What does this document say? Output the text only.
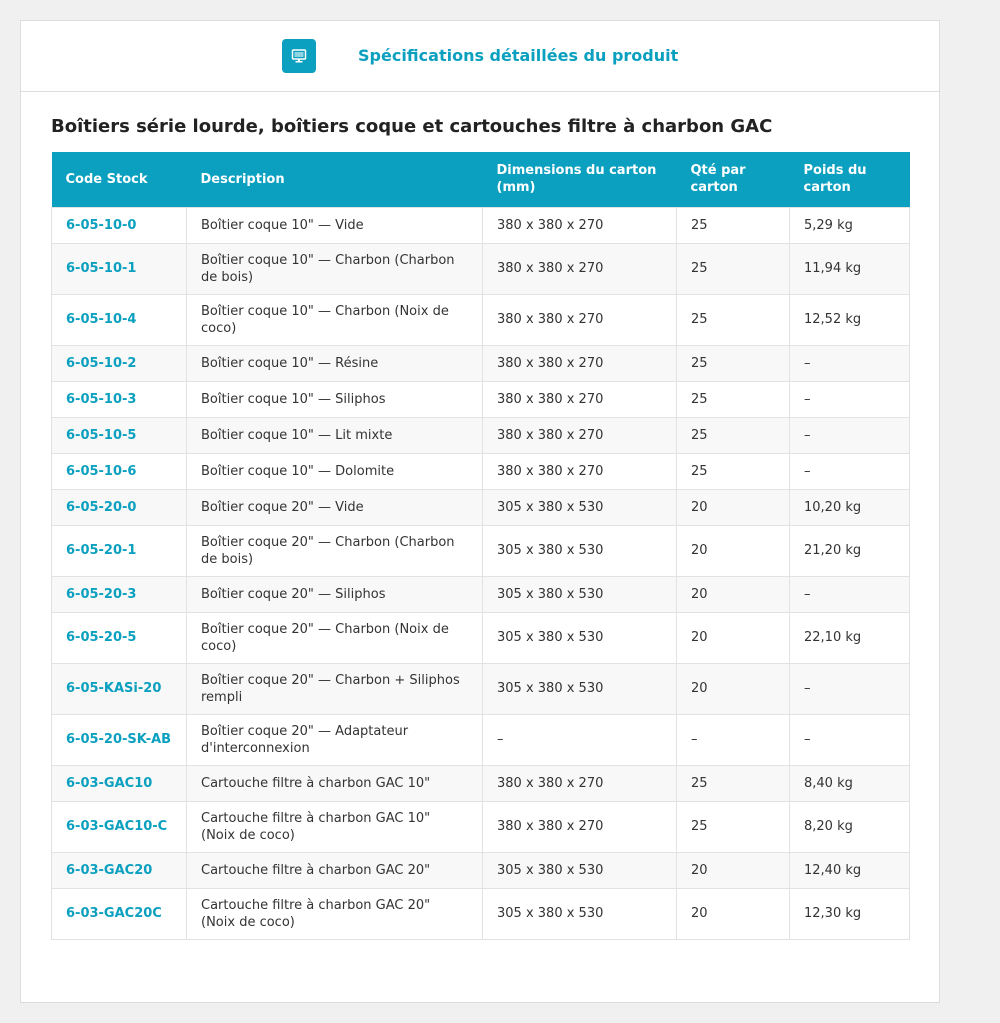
Spécifications détaillées du produit
Boîtiers série lourde, boîtiers coque et cartouches filtre à charbon GAC
Code Stock	Description	Dimensions du carton (mm)	Qté par carton	Poids du carton
6-05-10-0	Boîtier coque 10" — Vide	380 x 380 x 270	25	5,29 kg
6-05-10-1	Boîtier coque 10" — Charbon (Charbon de bois)	380 x 380 x 270	25	11,94 kg
6-05-10-4	Boîtier coque 10" — Charbon (Noix de coco)	380 x 380 x 270	25	12,52 kg
6-05-10-2	Boîtier coque 10" — Résine	380 x 380 x 270	25	–
6-05-10-3	Boîtier coque 10" — Siliphos	380 x 380 x 270	25	–
6-05-10-5	Boîtier coque 10" — Lit mixte	380 x 380 x 270	25	–
6-05-10-6	Boîtier coque 10" — Dolomite	380 x 380 x 270	25	–
6-05-20-0	Boîtier coque 20" — Vide	305 x 380 x 530	20	10,20 kg
6-05-20-1	Boîtier coque 20" — Charbon (Charbon de bois)	305 x 380 x 530	20	21,20 kg
6-05-20-3	Boîtier coque 20" — Siliphos	305 x 380 x 530	20	–
6-05-20-5	Boîtier coque 20" — Charbon (Noix de coco)	305 x 380 x 530	20	22,10 kg
6-05-KASi-20	Boîtier coque 20" — Charbon + Siliphos rempli	305 x 380 x 530	20	–
6-05-20-SK-AB	Boîtier coque 20" — Adaptateur d'interconnexion	–	–	–
6-03-GAC10	Cartouche filtre à charbon GAC 10"	380 x 380 x 270	25	8,40 kg
6-03-GAC10-C	Cartouche filtre à charbon GAC 10" (Noix de coco)	380 x 380 x 270	25	8,20 kg
6-03-GAC20	Cartouche filtre à charbon GAC 20"	305 x 380 x 530	20	12,40 kg
6-03-GAC20C	Cartouche filtre à charbon GAC 20" (Noix de coco)	305 x 380 x 530	20	12,30 kg
